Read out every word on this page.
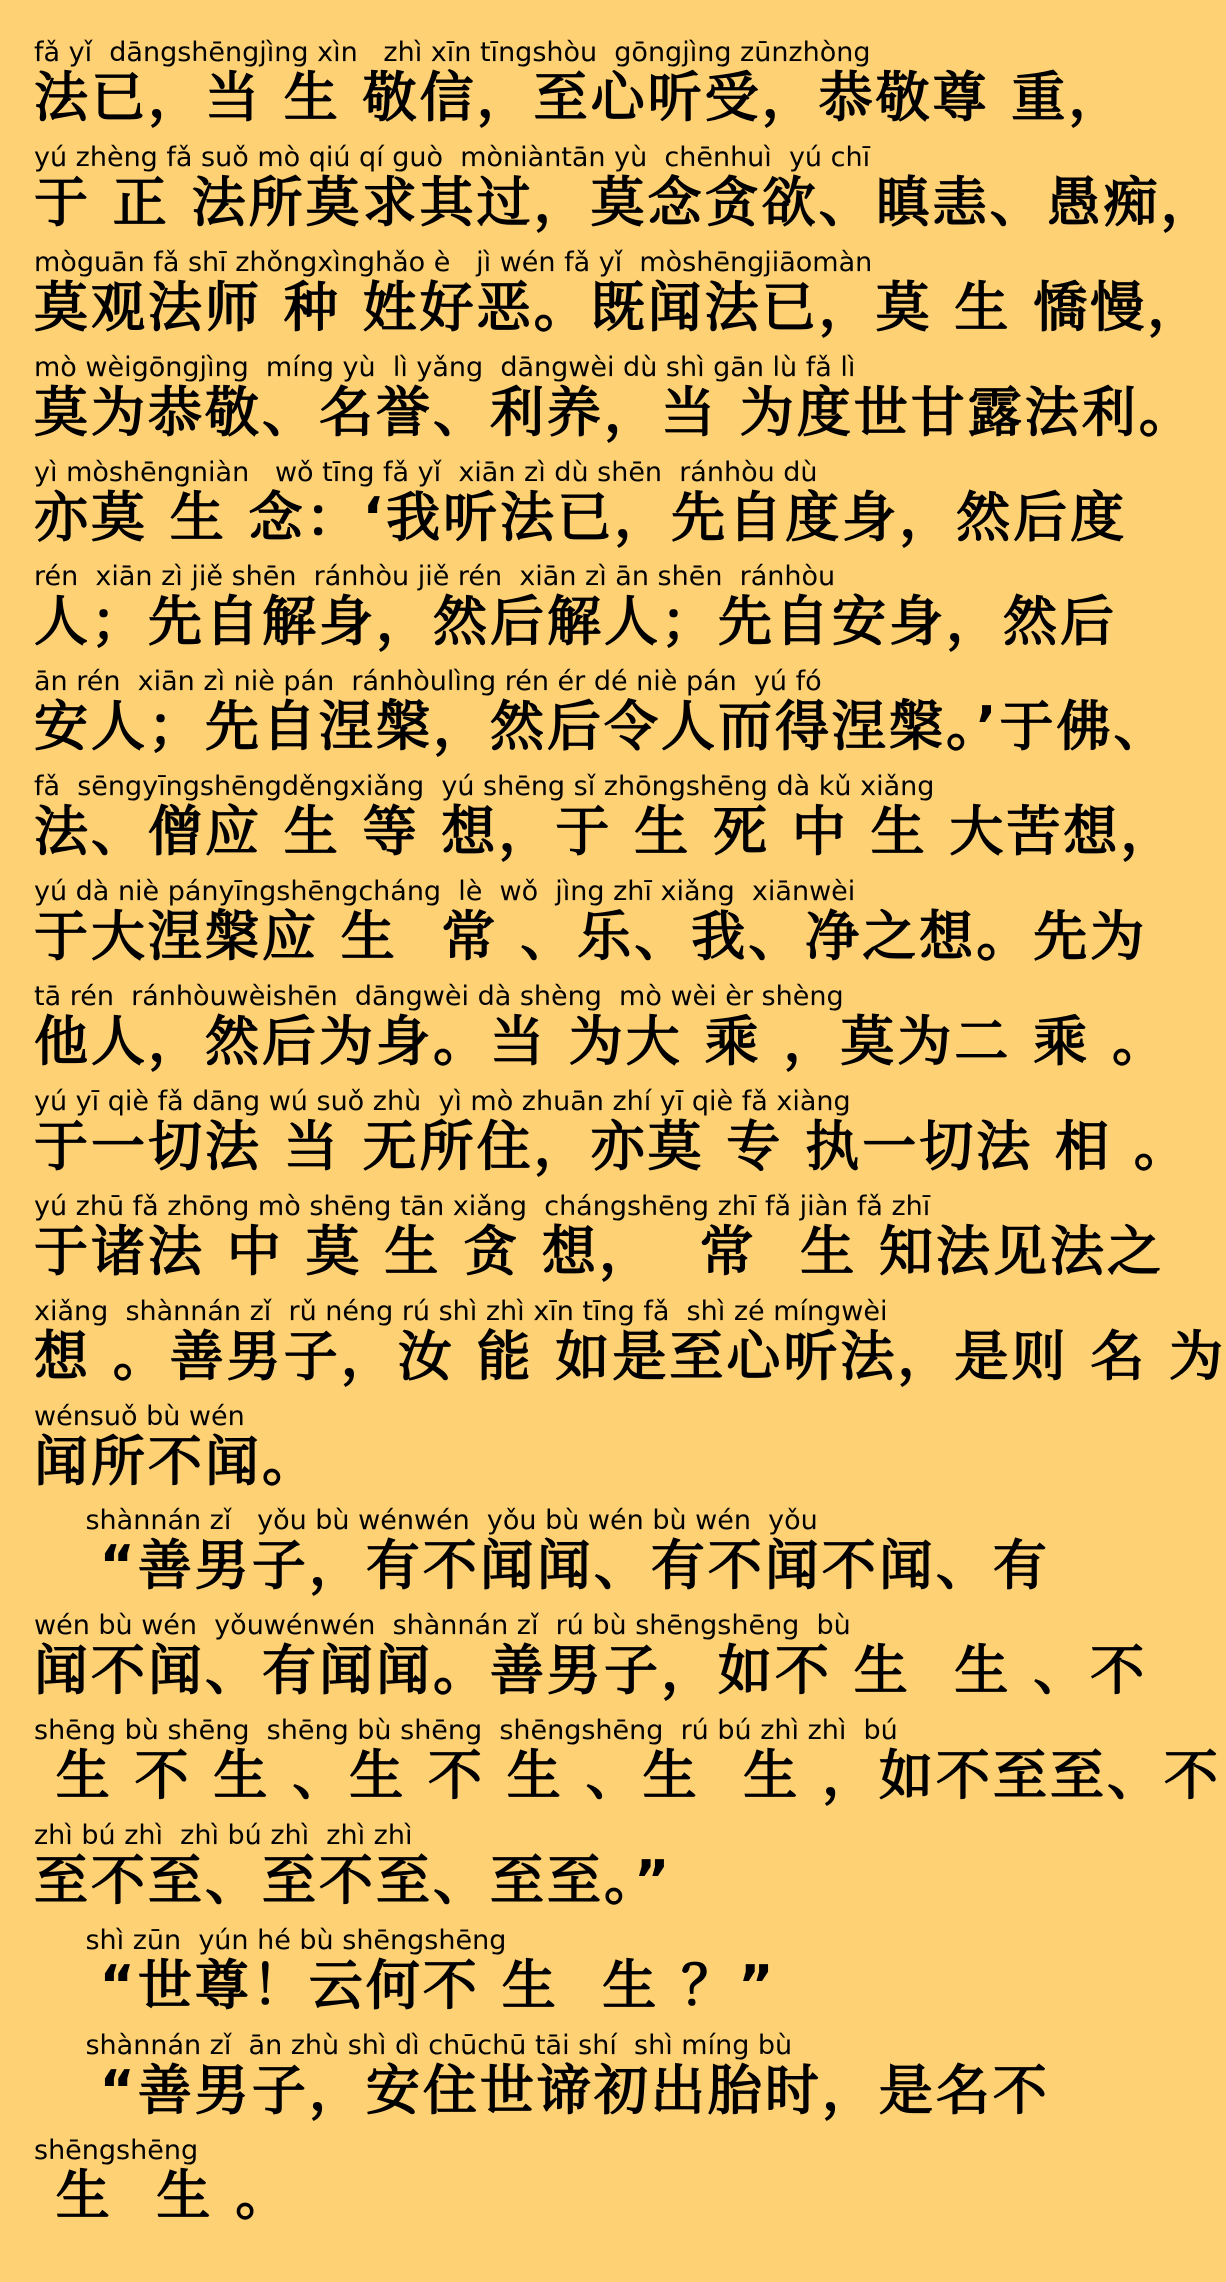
fǎ yǐ  dāngshēngjìng xìn   zhì xīn tīngshòu  gōngjìng zūnzhòng
法已，当 生 敬信，至心听受，恭敬尊 重，
yú zhèng fǎ suǒ mò qiú qí guò  mòniàntān yù  chēnhuì  yú chī
于 正 法所莫求其过，莫念贪欲、瞋恚、愚痴，
mòguān fǎ shī zhǒngxìnghǎo è   jì wén fǎ yǐ  mòshēngjiāomàn
莫观法师 种 姓好恶。既闻法已，莫 生 憍慢，
mò wèigōngjìng  míng yù  lì yǎng  dāngwèi dù shì gān lù fǎ lì
莫为恭敬、名誉、利养，当 为度世甘露法利。
yì mòshēngniàn   wǒ tīng fǎ yǐ  xiān zì dù shēn  ránhòu dù
亦莫 生 念：‘我听法已，先自度身，然后度
rén  xiān zì jiě shēn  ránhòu jiě rén  xiān zì ān shēn  ránhòu
人；先自解身，然后解人；先自安身，然后
ān rén  xiān zì niè pán  ránhòulìng rén ér dé niè pán  yú fó
安人；先自涅槃，然后令人而得涅槃。’于佛、
fǎ  sēngyīngshēngděngxiǎng  yú shēng sǐ zhōngshēng dà kǔ xiǎng
法、僧应 生 等 想，于 生 死 中 生 大苦想，
yú dà niè pányīngshēngcháng  lè  wǒ  jìng zhī xiǎng  xiānwèi
于大涅槃应 生  常 、乐、我、净之想。先为
tā rén  ránhòuwèishēn  dāngwèi dà shèng  mò wèi èr shèng
他人，然后为身。当 为大 乘 ，莫为二 乘 。
yú yī qiè fǎ dāng wú suǒ zhù  yì mò zhuān zhí yī qiè fǎ xiàng
于一切法 当 无所住，亦莫 专 执一切法 相 。
yú zhū fǎ zhōng mò shēng tān xiǎng  chángshēng zhī fǎ jiàn fǎ zhī
于诸法 中 莫 生 贪 想，  常  生 知法见法之
xiǎng  shànnán zǐ  rǔ néng rú shì zhì xīn tīng fǎ  shì zé míngwèi
想 。善男子，汝 能 如是至心听法，是则 名 为
wénsuǒ bù wén
闻所不闻。
shànnán zǐ   yǒu bù wénwén  yǒu bù wén bù wén  yǒu
“善男子，有不闻闻、有不闻不闻、有
wén bù wén  yǒuwénwén  shànnán zǐ  rú bù shēngshēng  bù
闻不闻、有闻闻。善男子，如不 生  生 、不
shēng bù shēng  shēng bù shēng  shēngshēng  rú bú zhì zhì  bú
生 不 生 、生 不 生 、生  生 ，如不至至、不
zhì bú zhì  zhì bú zhì  zhì zhì
至不至、至不至、至至。”
shì zūn  yún hé bù shēngshēng
“世尊！云何不 生  生 ？”
shànnán zǐ  ān zhù shì dì chūchū tāi shí  shì míng bù
“善男子，安住世谛初出胎时，是名不
shēngshēng
生  生 。
